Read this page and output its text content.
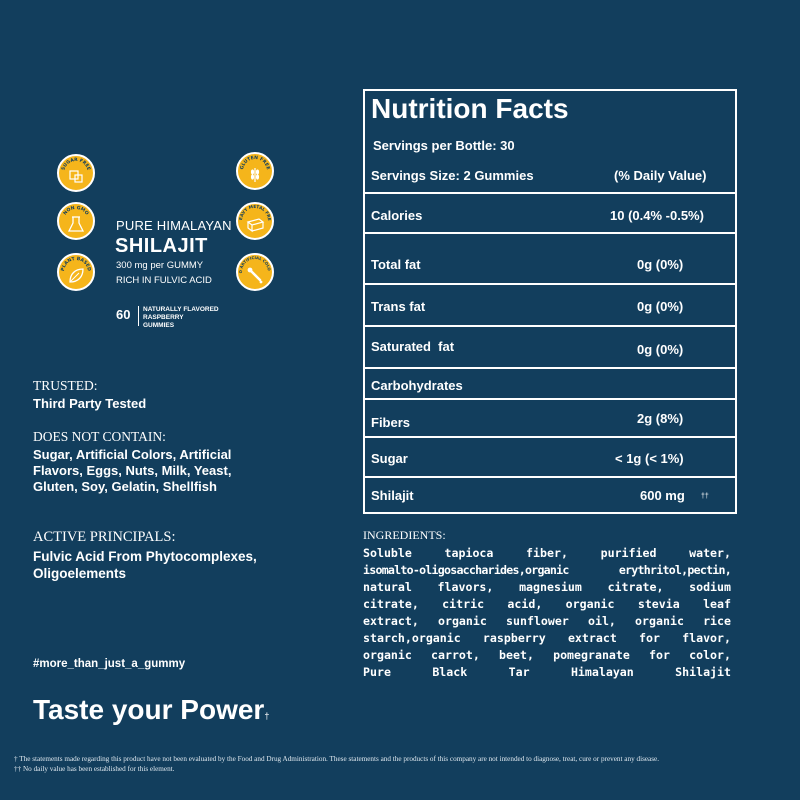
SUGAR FREE	GLUTEN FREE
NON GMO
EAVY METAL FRE
PLANT BASED
O ARTIFICIAL COLO
PURE HIMALAYAN
SHILAJIT
300 mg per GUMMY
RICH IN FULVIC ACID
60 NATURALLY FLAVORED
RASPBERRY
GUMMIES
TRUSTED:
Third Party Tested
DOES NOT CONTAIN:
Sugar, Artificial Colors, Artificial
Flavors, Eggs, Nuts, Milk, Yeast,
Gluten, Soy, Gelatin, Shellfish
ACTIVE PRINCIPALS:
Fulvic Acid From Phytocomplexes,
Oligoelements
#more_than_just_a_gummy
Nutrition Facts
Servings per Bottle: 30
Servings Size: 2 Gummies	(% Daily Value)
Calories	10 (0.4% -0.5%)
Total fat	0g (0%)
Trans fat	0g (0%)
Saturated  fat	0g (0%)
Carbohydrates
Fibers	2g (8%)
Sugar	< 1g (< 1%)
Shilajit	600 mg ††
INGREDIENTS:
Soluble tapioca fiber, purified water,
isomalto-oligosaccharides,organic erythritol,pectin,
natural flavors, magnesium citrate, sodium
citrate, citric acid, organic stevia leaf
extract, organic sunflower oil, organic rice
starch,organic raspberry extract for flavor,
organic carrot, beet, pomegranate for color,
Pure Black Tar Himalayan Shilajit
Taste your Power†
† The statements made regarding this product have not been evaluated by the Food and Drug Administration. These statements and the products of this company are not intended to diagnose, treat, cure or prevent any disease.
†† No daily value has been established for this element.
